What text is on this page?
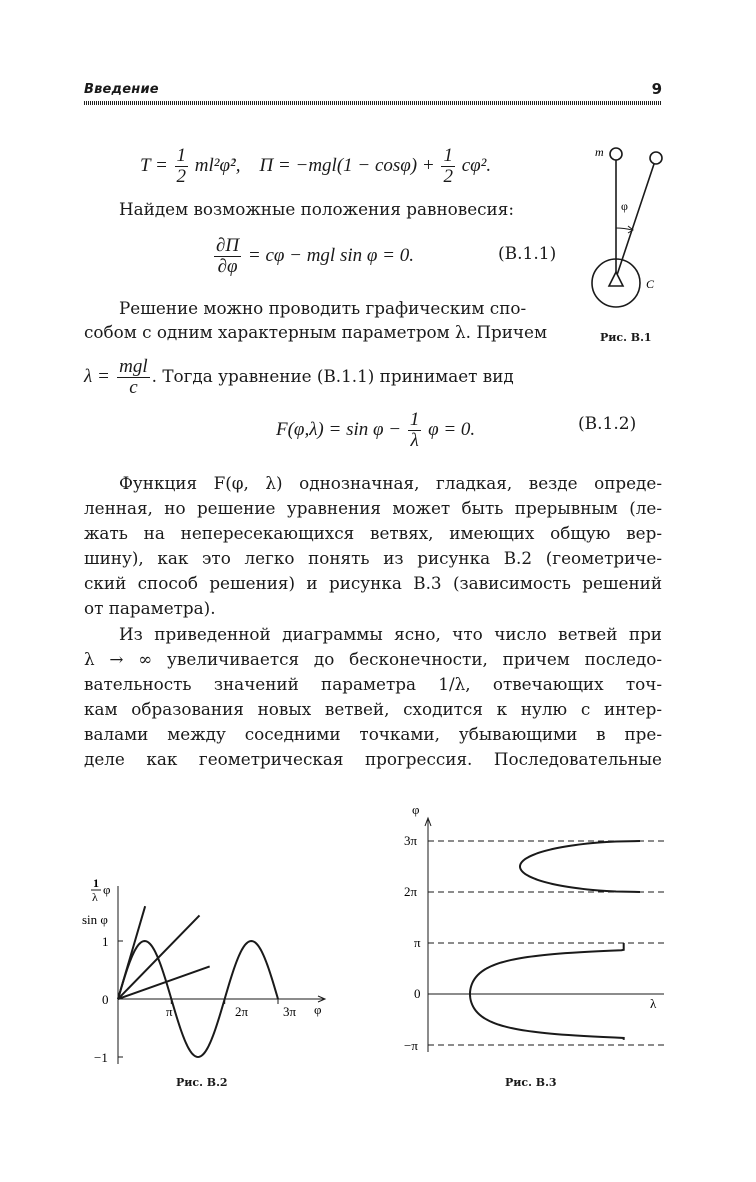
Введение	9
$T = \frac{1}{2}$ ml²φ̇², $\Pi = -mgl(1 - \cos\varphi) + \frac{1}{2} c\varphi^2$.
Найдем возможные положения равновесия:
$\frac{\partial\Pi}{\partial\varphi} = c\varphi$ − mgl sin φ = 0.	(В.1.1)
Решение можно проводить графическим спо-
собом с одним характерным параметром λ. Причем
$\lambda = \frac{\text{mgl}}{c}$ . Тогда уравнение (В.1.1) принимает вид
$F(\varphi,\lambda) = \sin \varphi - \frac{1}{\lambda}$ φ = 0.	(В.1.2)
Функция F(φ, λ) однозначная, гладкая, везде опреде-
ленная, но решение уравнения может быть прерывным (ле-
жать на непересекающихся ветвях, имеющих общую вер-
шину), как это легко понять из рисунка В.2 (геометриче-
ский способ решения) и рисунка В.3 (зависимость решений
от параметра).
Из приведенной диаграммы ясно, что число ветвей при
λ → ∞ увеличивается до бесконечности, причем последо-
вательность значений параметра 1/λ, отвечающих точ-
кам образования новых ветвей, сходится к нулю с интер-
валами между соседними точками, убывающими в пре-
деле как геометрическая прогрессия. Последовательные
m
φ
C
Рис. В.1
1
λ φ
sin φ
1
0
−1
π	2π	3π φ
Рис. В.2
φ
3π
2π
π
0
−π
λ
Рис. В.3
